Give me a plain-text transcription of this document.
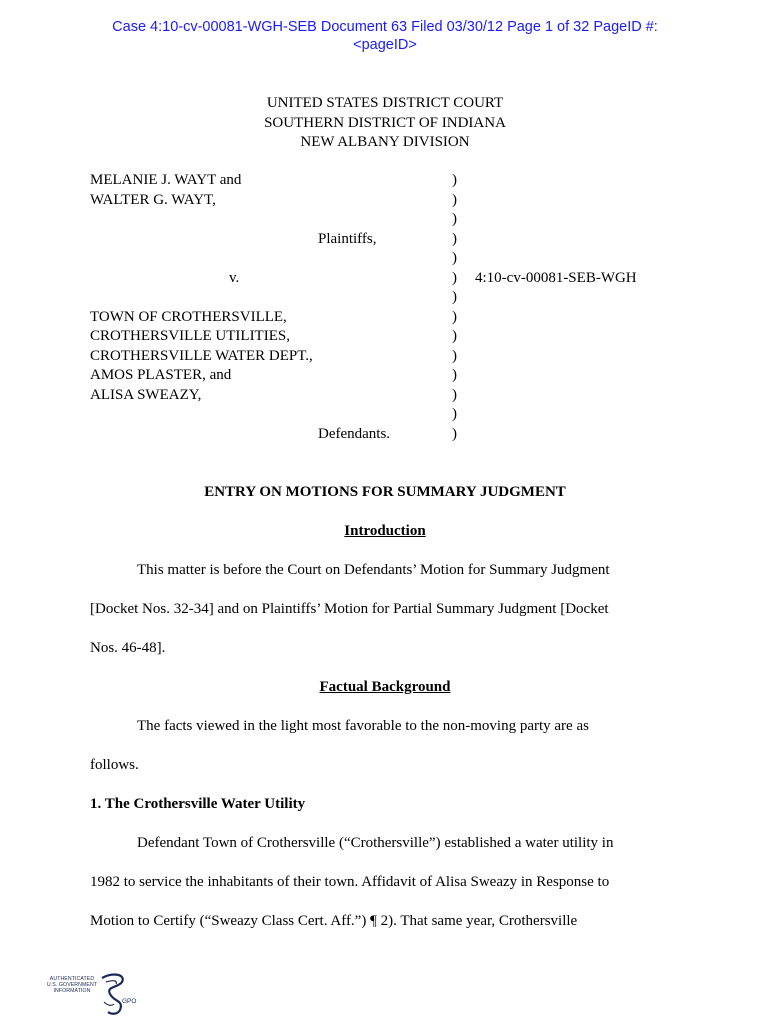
Case 4:10-cv-00081-WGH-SEB Document 63 Filed 03/30/12 Page 1 of 32 PageID #:
<pageID>
UNITED STATES DISTRICT COURT
SOUTHERN DISTRICT OF INDIANA
NEW ALBANY DIVISION
MELANIE J. WAYT and
WALTER G. WAYT,
Plaintiffs,
v.
TOWN OF CROTHERSVILLE,
CROTHERSVILLE UTILITIES,
CROTHERSVILLE WATER DEPT.,
AMOS PLASTER, and
ALISA SWEAZY,
Defendants.
)
)
)
)
)
)
)
)
)
)
)
)
)
)
4:10-cv-00081-SEB-WGH
ENTRY ON MOTIONS FOR SUMMARY JUDGMENT
Introduction
This matter is before the Court on Defendants’ Motion for Summary Judgment
[Docket Nos. 32-34] and on Plaintiffs’ Motion for Partial Summary Judgment [Docket
Nos. 46-48].
Factual Background
The facts viewed in the light most favorable to the non-moving party are as
follows.
1. The Crothersville Water Utility
Defendant Town of Crothersville (“Crothersville”) established a water utility in
1982 to service the inhabitants of their town. Affidavit of Alisa Sweazy in Response to
Motion to Certify (“Sweazy Class Cert. Aff.”) ¶ 2). That same year, Crothersville
AUTHENTICATED
U.S. GOVERNMENT
INFORMATION
GPO
